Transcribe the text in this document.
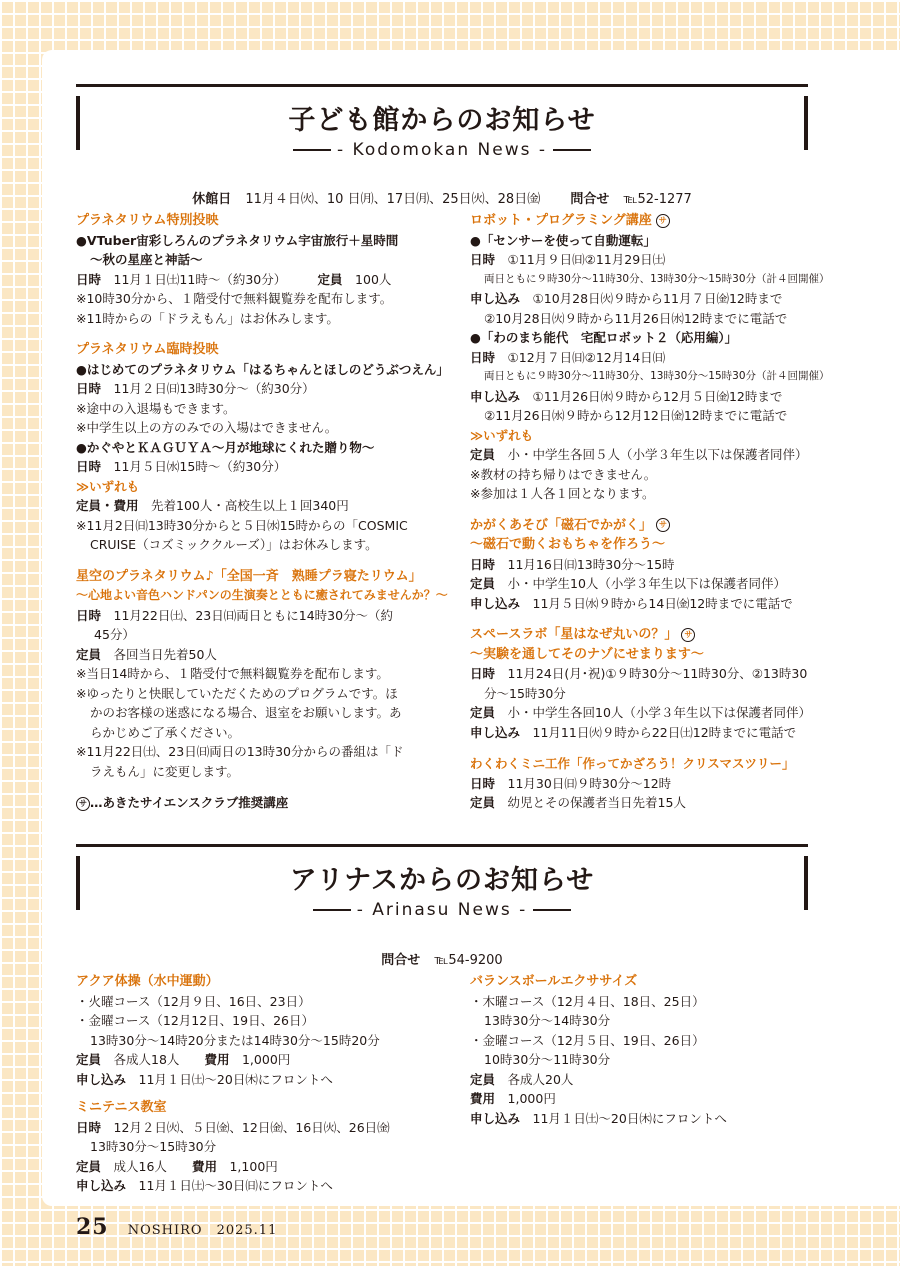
子ども館からのお知らせ
- Kodomokan News -
休館日 11月４日㈫、10 日㈪、17日㈪、25日㈫、28日㈮ 問合せ ℡52-1277

プラネタリウム特別投映

●VTuber宙彩しろんのプラネタリウム宇宙旅行＋星時間

〜秋の星座と神話〜

日時　 11月１日㈯11時〜（約30分）　　　	定員　 100人

※10時30分から、１階受付で無料観覧券を配布します。

※11時からの「ドラえもん」はお休みします。

プラネタリウム臨時投映

●はじめてのプラネタリウム「はるちゃんとほしのどうぶつえん」

日時　 11月２日㈰13時30分〜（約30分）

※途中の入退場もできます。

※中学生以上の方のみでの入場はできません。

●かぐやとＫＡＧＵＹＡ〜月が地球にくれた贈り物〜

日時　 11月５日㈬15時〜（約30分）

≫いずれも

定員・費用　 先着100人・高校生以上１回340円

※11月2日㈰13時30分からと５日㈬15時からの「COSMIC

CRUISE（コズミッククルーズ）」はお休みします。

星空のプラネタリウム♪「全国一斉　熟睡プラ寝たリウム」

〜心地よい音色ハンドパンの生演奏とともに癒されてみませんか？〜

日時　 11月22日㈯、23日㈰両日ともに14時30分〜（約

45分）

定員　 各回当日先着50人

※当日14時から、１階受付で無料観覧券を配布します。

※ゆったりと快眠していただくためのプログラムです。ほ

かのお客様の迷惑になる場合、退室をお願いします。あ

らかじめご了承ください。

※11月22日㈯、23日㈰両日の13時30分からの番組は「ド

ラえもん」に変更します。

サ …あきたサイエンスクラブ推奨講座

ロボット・プログラミング講座 サ

●「センサーを使って自動運転」

日時　 ①11月９日㈰②11月29日㈯

両日ともに９時30分〜11時30分、13時30分〜15時30分（計４回開催）

申し込み　 ①10月28日㈫９時から11月７日㈮12時まで

②10月28日㈫９時から11月26日㈬12時までに電話で

●「わのまち能代　宅配ロボット２（応用編）」

日時　 ①12月７日㈰②12月14日㈰

両日ともに９時30分〜11時30分、13時30分〜15時30分（計４回開催）

申し込み　 ①11月26日㈬９時から12月５日㈮12時まで

②11月26日㈬９時から12月12日㈮12時までに電話で

≫いずれも

定員　 小・中学生各回５人（小学３年生以下は保護者同伴）

※教材の持ち帰りはできません。

※参加は１人各１回となります。

かがくあそび「磁石でかがく」 サ

〜磁石で動くおもちゃを作ろう〜

日時　 11月16日㈰13時30分〜15時

定員　 小・中学生10人（小学３年生以下は保護者同伴）

申し込み　 11月５日㈬９時から14日㈮12時までに電話で

スペースラボ「星はなぜ丸いの？」 サ

〜実験を通してそのナゾにせまります〜

日時　 11月24日(月･祝)①９時30分〜11時30分、②13時30

分〜15時30分

定員　 小・中学生各回10人（小学３年生以下は保護者同伴）

申し込み　 11月11日㈫９時から22日㈯12時までに電話で

わくわくミニ工作「作ってかざろう！クリスマスツリー」

日時　 11月30日㈰９時30分〜12時

定員　 幼児とその保護者当日先着15人

アリナスからのお知らせ
- Arinasu News -
問合せ ℡54-9200

アクア体操（水中運動）

・火曜コース（12月９日、16日、23日）

・金曜コース（12月12日、19日、26日）

13時30分〜14時20分または14時30分〜15時20分

定員　 各成人18人　　 費用　 1,000円

申し込み　 11月１日㈯〜20日㈭にフロントへ

ミニテニス教室

日時　 12月２日㈫、５日㈮、12日㈮、16日㈫、26日㈮

13時30分〜15時30分

定員　 成人16人　　 費用　 1,100円

申し込み　 11月１日㈯〜30日㈰にフロントへ

バランスボールエクササイズ

・木曜コース（12月４日、18日、25日）

13時30分〜14時30分

・金曜コース（12月５日、19日、26日）

10時30分〜11時30分

定員　 各成人20人

費用　 1,000円

申し込み　 11月１日㈯〜20日㈭にフロントへ

25 NOSHIRO　2025.11
